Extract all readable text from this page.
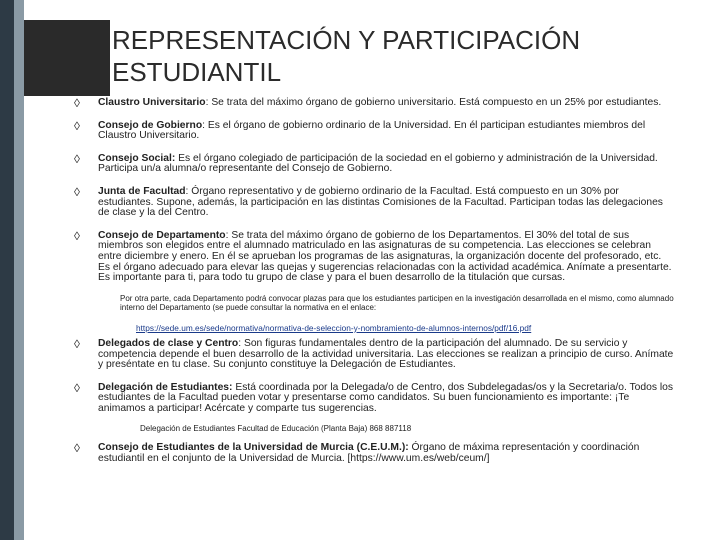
REPRESENTACIÓN Y PARTICIPACIÓN ESTUDIANTIL
◊ Claustro Universitario: Se trata del máximo órgano de gobierno universitario. Está compuesto en un 25% por estudiantes.
◊ Consejo de Gobierno: Es el órgano de gobierno ordinario de la Universidad. En él participan estudiantes miembros del Claustro Universitario.
◊ Consejo Social: Es el órgano colegiado de participación de la sociedad en el gobierno y administración de la Universidad. Participa un/a alumna/o representante del Consejo de Gobierno.
◊ Junta de Facultad: Órgano representativo y de gobierno ordinario de la Facultad. Está compuesto en un 30% por estudiantes. Supone, además, la participación en las distintas Comisiones de la Facultad. Participan todas las delegaciones de clase y la del Centro.
◊ Consejo de Departamento: Se trata del máximo órgano de gobierno de los Departamentos. El 30% del total de sus miembros son elegidos entre el alumnado matriculado en las asignaturas de su competencia. Las elecciones se celebran entre diciembre y enero. En él se aprueban los programas de las asignaturas, la organización docente del profesorado, etc. Es el órgano adecuado para elevar las quejas y sugerencias relacionadas con la actividad académica. Anímate a presentarte. Es importante para ti, para todo tu grupo de clase y para el buen desarrollo de la titulación que cursas.
Por otra parte, cada Departamento podrá convocar plazas para que los estudiantes participen en la investigación desarrollada en el mismo, como alumnado interno del Departamento (se puede consultar la normativa en el enlace:
https://sede.um.es/sede/normativa/normativa-de-seleccion-y-nombramiento-de-alumnos-internos/pdf/16.pdf
◊ Delegados de clase y Centro: Son figuras fundamentales dentro de la participación del alumnado. De su servicio y competencia depende el buen desarrollo de la actividad universitaria. Las elecciones se realizan a principio de curso. Anímate y preséntate en tu clase. Su conjunto constituye la Delegación de Estudiantes.
◊ Delegación de Estudiantes: Está coordinada por la Delegada/o de Centro, dos Subdelegadas/os y la Secretaria/o. Todos los estudiantes de la Facultad pueden votar y presentarse como candidatos. Su buen funcionamiento es importante: ¡Te animamos a participar! Acércate y comparte tus sugerencias.
Delegación de Estudiantes Facultad de Educación (Planta Baja) 868 887118
◊ Consejo de Estudiantes de la Universidad de Murcia (C.E.U.M.): Órgano de máxima representación y coordinación estudiantil en el conjunto de la Universidad de Murcia. [https://www.um.es/web/ceum/]
